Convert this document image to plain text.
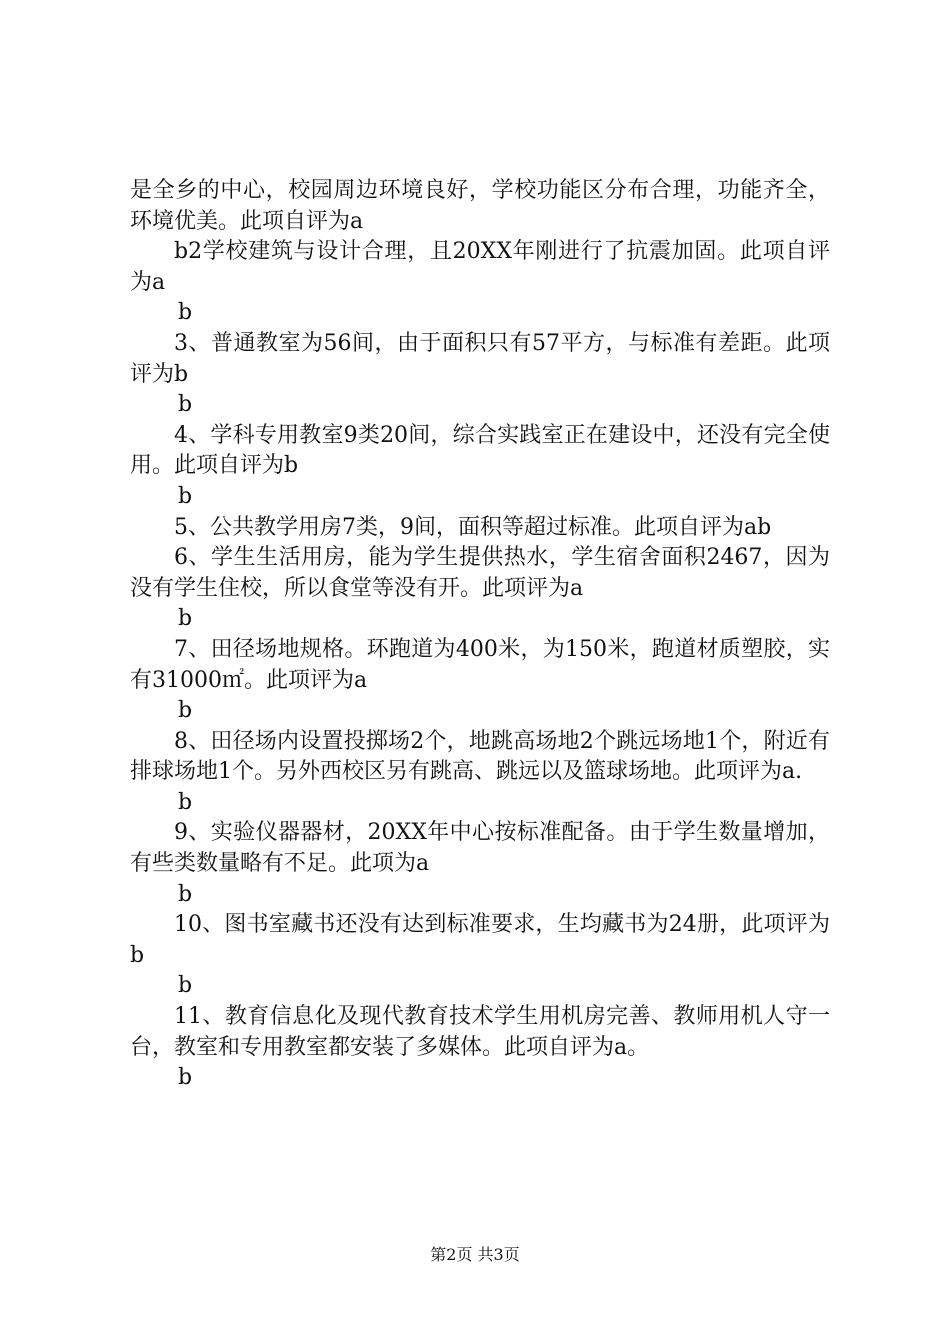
是全乡的中心，校园周边环境良好，学校功能区分布合理，功能齐全，环境优美。此项自评为a

b2学校建筑与设计合理，且20XX年刚进行了抗震加固。此项自评为a

b

3、普通教室为56间，由于面积只有57平方，与标准有差距。此项评为b

b

4、学科专用教室9类20间，综合实践室正在建设中，还没有完全使用。此项自评为b

b

5、公共教学用房7类，9间，面积等超过标准。此项自评为ab

6、学生生活用房，能为学生提供热水，学生宿舍面积2467，因为没有学生住校，所以食堂等没有开。此项评为a

b

7、田径场地规格。环跑道为400米，为150米，跑道材质塑胶，实有31000㎡。此项评为a

b

8、田径场内设置投掷场2个，地跳高场地2个跳远场地1个，附近有排球场地1个。另外西校区另有跳高、跳远以及篮球场地。此项评为a.

b

9、实验仪器器材，20XX年中心按标准配备。由于学生数量增加，有些类数量略有不足。此项为a

b

10、图书室藏书还没有达到标准要求，生均藏书为24册，此项评为b

b

11、教育信息化及现代教育技术学生用机房完善、教师用机人守一台，教室和专用教室都安装了多媒体。此项自评为a。

b

第2页 共3页
